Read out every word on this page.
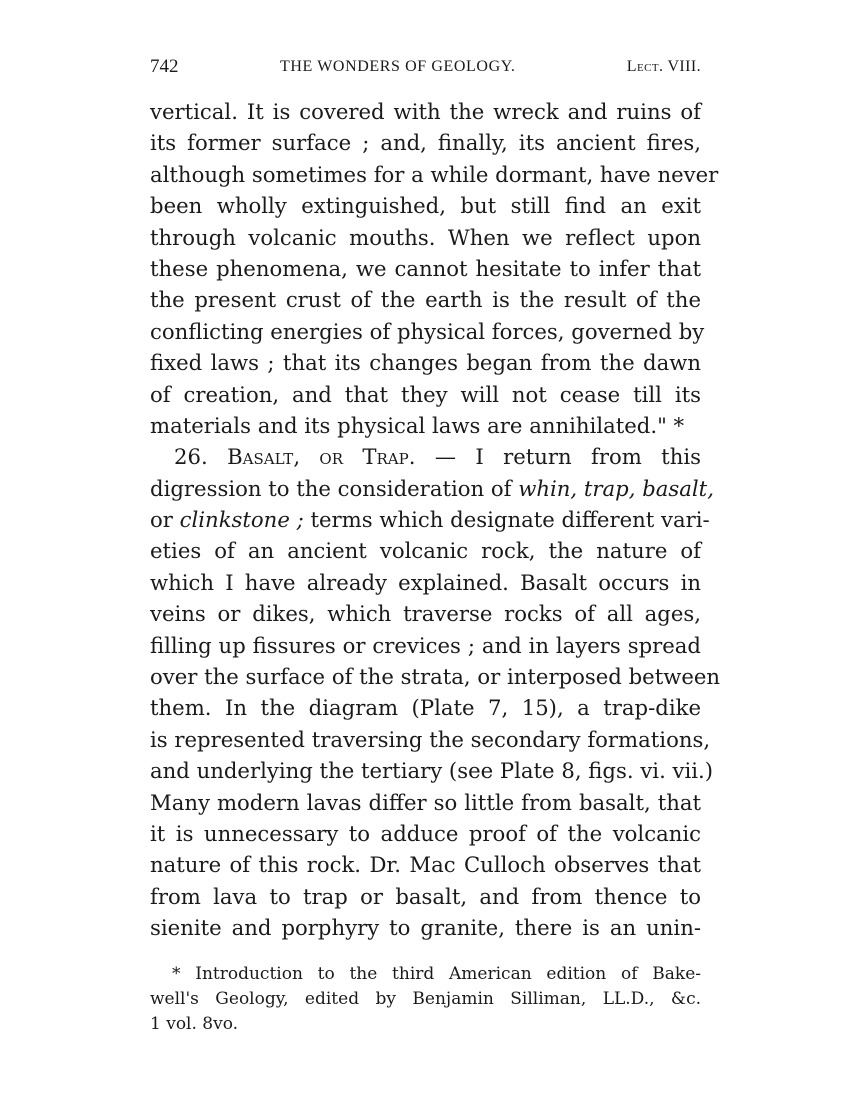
742	THE WONDERS OF GEOLOGY.	Lect. VIII.
vertical. It is covered with the wreck and ruins of
its former surface ; and, finally, its ancient fires,
although sometimes for a while dormant, have never
been wholly extinguished, but still find an exit
through volcanic mouths. When we reflect upon
these phenomena, we cannot hesitate to infer that
the present crust of the earth is the result of the
conflicting energies of physical forces, governed by
fixed laws ; that its changes began from the dawn
of creation, and that they will not cease till its
materials and its physical laws are annihilated." *
26. Basalt, or Trap. — I return from this
digression to the consideration of whin, trap, basalt,
or clinkstone ; terms which designate different vari-
eties of an ancient volcanic rock, the nature of
which I have already explained. Basalt occurs in
veins or dikes, which traverse rocks of all ages,
filling up fissures or crevices ; and in layers spread
over the surface of the strata, or interposed between
them. In the diagram (Plate 7, 15), a trap-dike
is represented traversing the secondary formations,
and underlying the tertiary (see Plate 8, figs. vi. vii.)
Many modern lavas differ so little from basalt, that
it is unnecessary to adduce proof of the volcanic
nature of this rock. Dr. Mac Culloch observes that
from lava to trap or basalt, and from thence to
sienite and porphyry to granite, there is an unin-
* Introduction to the third American edition of Bake-
well's Geology, edited by Benjamin Silliman, LL.D., &c.
1 vol. 8vo.
